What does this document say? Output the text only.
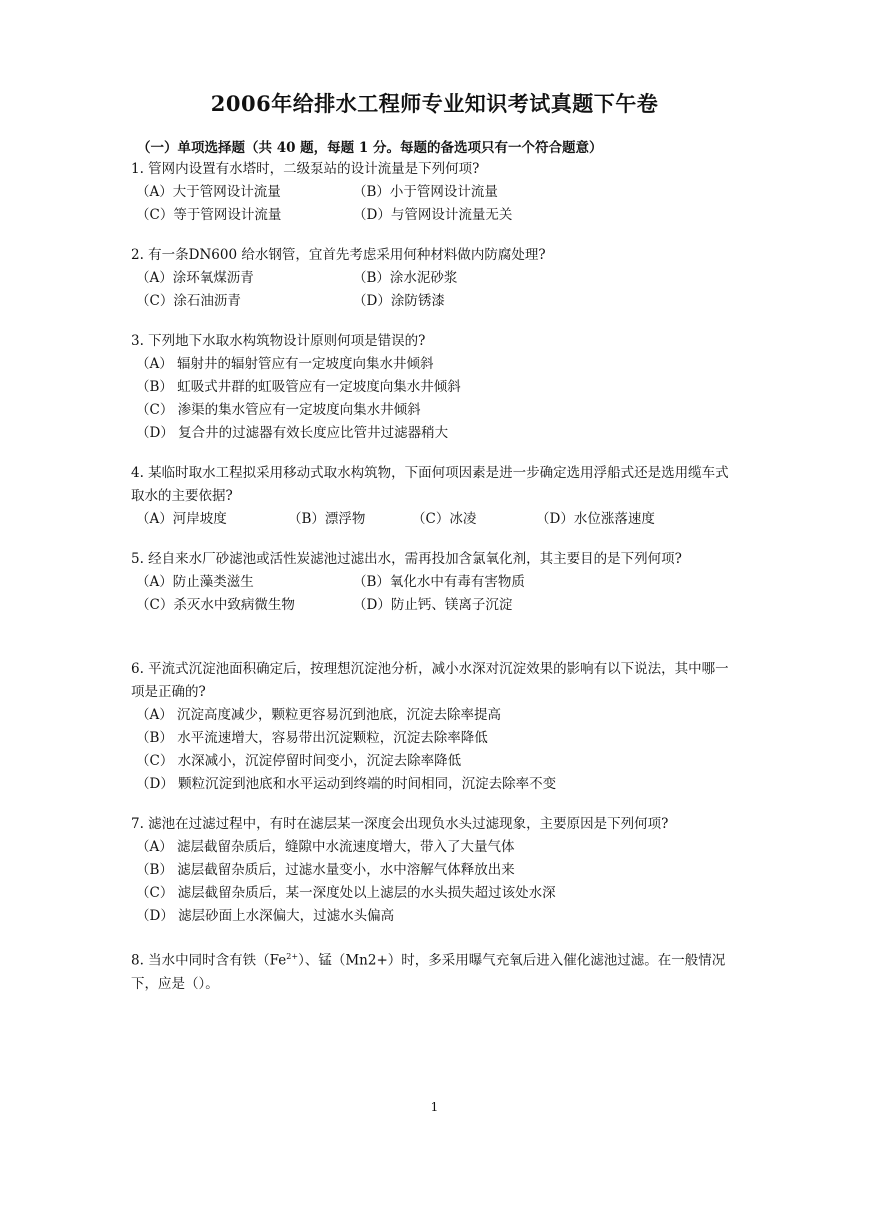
2006年给排水工程师专业知识考试真题下午卷
（一）单项选择题（共 40 题，每题 1 分。每题的备选项只有一个符合题意）
1. 管网内设置有水塔时，二级泵站的设计流量是下列何项?
（A）大于管网设计流量	（B）小于管网设计流量
（C）等于管网设计流量	（D）与管网设计流量无关
2. 有一条DN600 给水钢管，宜首先考虑采用何种材料做内防腐处理?
（A）涂环氧煤沥青	（B）涂水泥砂浆
（C）涂石油沥青	（D）涂防锈漆
3. 下列地下水取水构筑物设计原则何项是错误的?
（A） 辐射井的辐射管应有一定坡度向集水井倾斜
（B） 虹吸式井群的虹吸管应有一定坡度向集水井倾斜
（C） 渗渠的集水管应有一定坡度向集水井倾斜
（D） 复合井的过滤器有效长度应比管井过滤器稍大
4. 某临时取水工程拟采用移动式取水构筑物，下面何项因素是进一步确定选用浮船式还是选用缆车式取水的主要依据?
（A）河岸坡度	（B）漂浮物	（C）冰凌	（D）水位涨落速度
5. 经自来水厂砂滤池或活性炭滤池过滤出水，需再投加含氯氧化剂，其主要目的是下列何项?
（A）防止藻类滋生	（B）氧化水中有毒有害物质
（C）杀灭水中致病微生物	（D）防止钙、镁离子沉淀
6. 平流式沉淀池面积确定后，按理想沉淀池分析，减小水深对沉淀效果的影响有以下说法，其中哪一项是正确的?
（A） 沉淀高度减少，颗粒更容易沉到池底，沉淀去除率提高
（B） 水平流速增大，容易带出沉淀颗粒，沉淀去除率降低
（C） 水深减小，沉淀停留时间变小，沉淀去除率降低
（D） 颗粒沉淀到池底和水平运动到终端的时间相同，沉淀去除率不变
7. 滤池在过滤过程中，有时在滤层某一深度会出现负水头过滤现象，主要原因是下列何项?
（A） 滤层截留杂质后，缝隙中水流速度增大，带入了大量气体
（B） 滤层截留杂质后，过滤水量变小，水中溶解气体释放出来
（C） 滤层截留杂质后，某一深度处以上滤层的水头损失超过该处水深
（D） 滤层砂面上水深偏大，过滤水头偏高
8. 当水中同时含有铁$(Fe^{2+})$、锰（Mn2+）时，多采用曝气充氧后进入催化滤池过滤。在一般情况下，应是（）。
1
